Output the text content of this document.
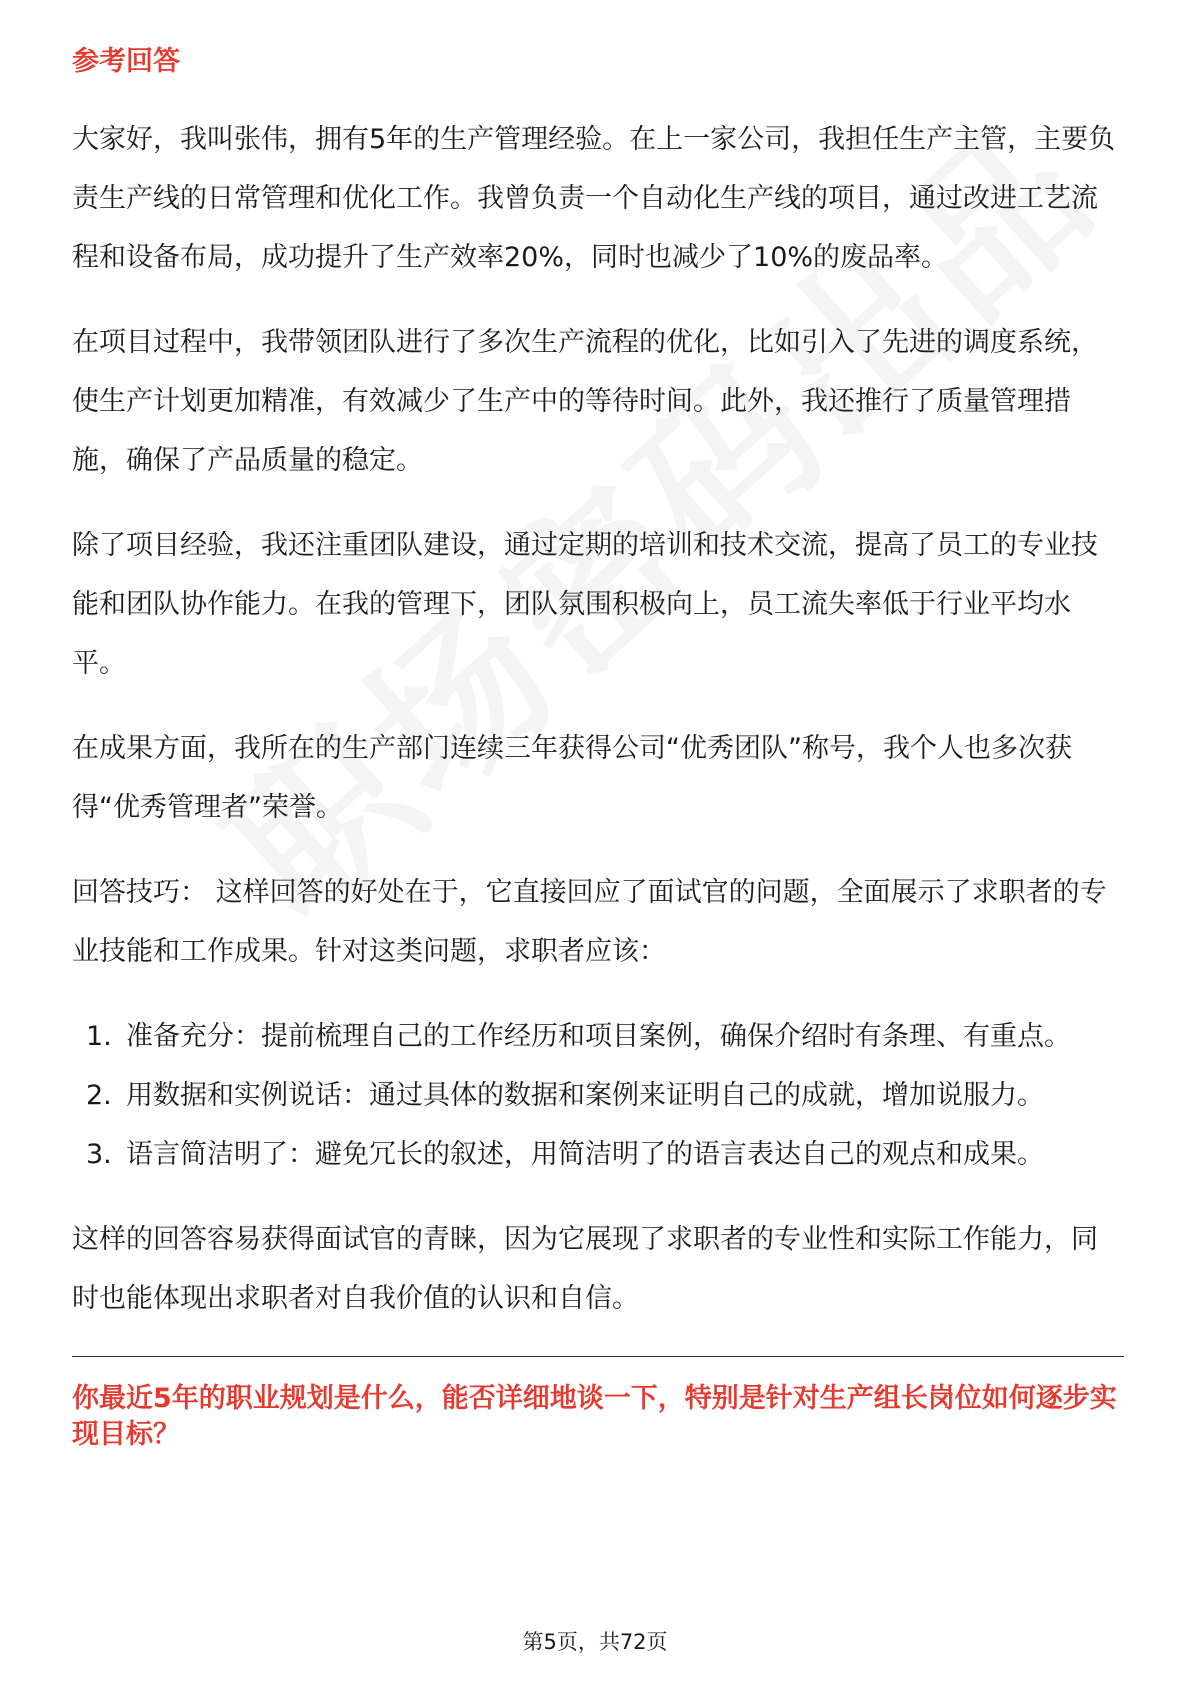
参考回答

大家好，我叫张伟，拥有5年的生产管理经验。在上一家公司，我担任生产主管，主要负责生产线的日常管理和优化工作。我曾负责一个自动化生产线的项目，通过改进工艺流程和设备布局，成功提升了生产效率20%，同时也减少了10%的废品率。

在项目过程中，我带领团队进行了多次生产流程的优化，比如引入了先进的调度系统，使生产计划更加精准，有效减少了生产中的等待时间。此外，我还推行了质量管理措施，确保了产品质量的稳定。

除了项目经验，我还注重团队建设，通过定期的培训和技术交流，提高了员工的专业技能和团队协作能力。在我的管理下，团队氛围积极向上，员工流失率低于行业平均水平。

在成果方面，我所在的生产部门连续三年获得公司“优秀团队”称号，我个人也多次获得“优秀管理者”荣誉。

回答技巧： 这样回答的好处在于，它直接回应了面试官的问题，全面展示了求职者的专业技能和工作成果。针对这类问题，求职者应该：

1. 准备充分：提前梳理自己的工作经历和项目案例，确保介绍时有条理、有重点。
2. 用数据和实例说话：通过具体的数据和案例来证明自己的成就，增加说服力。
3. 语言简洁明了：避免冗长的叙述，用简洁明了的语言表达自己的观点和成果。

这样的回答容易获得面试官的青睐，因为它展现了求职者的专业性和实际工作能力，同时也能体现出求职者对自我价值的认识和自信。

你最近5年的职业规划是什么，能否详细地谈一下，特别是针对生产组长岗位如何逐步实现目标？
第5页，共72页
